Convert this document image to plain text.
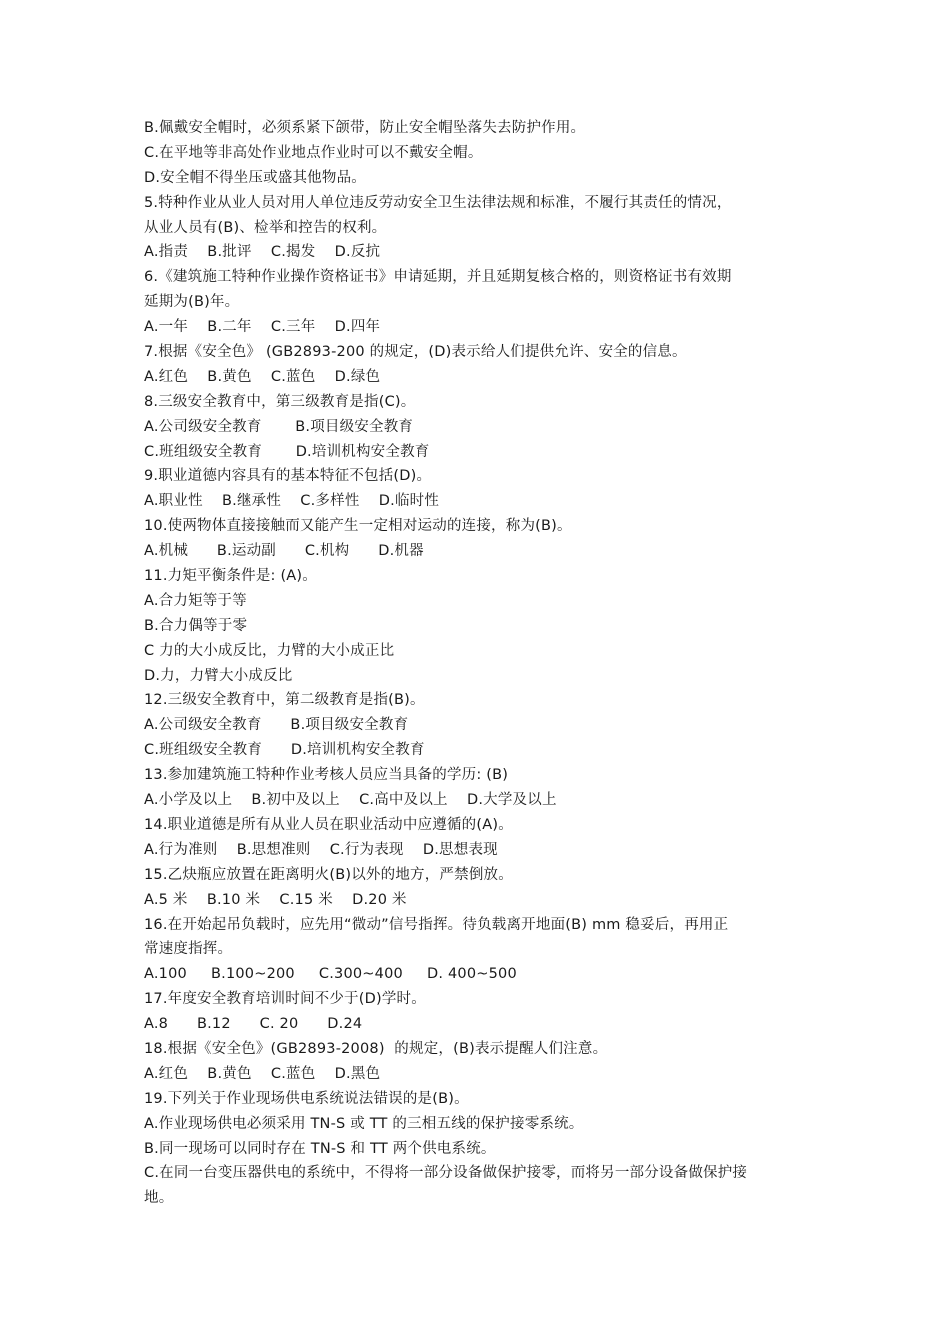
B.佩戴安全帽时，必须系紧下颌带，防止安全帽坠落失去防护作用。
C.在平地等非高处作业地点作业时可以不戴安全帽。
D.安全帽不得坐压或盛其他物品。
5.特种作业从业人员对用人单位违反劳动安全卫生法律法规和标准，不履行其责任的情况，
从业人员有(B)、检举和控告的权利。
A.指责    B.批评    C.揭发    D.反抗
6.《建筑施工特种作业操作资格证书》申请延期，并且延期复核合格的，则资格证书有效期
延期为(B)年。
A.一年    B.二年    C.三年    D.四年
7.根据《安全色》 (GB2893-200 的规定，(D)表示给人们提供允许、安全的信息。
A.红色    B.黄色    C.蓝色    D.绿色
8.三级安全教育中，第三级教育是指(C)。
A.公司级安全教育       B.项目级安全教育
C.班组级安全教育       D.培训机构安全教育
9.职业道德内容具有的基本特征不包括(D)。
A.职业性    B.继承性    C.多样性    D.临时性
10.使两物体直接接触而又能产生一定相对运动的连接，称为(B)。
A.机械      B.运动副      C.机构      D.机器
11.力矩平衡条件是: (A)。
A.合力矩等于等
B.合力偶等于零
C 力的大小成反比，力臂的大小成正比
D.力，力臂大小成反比
12.三级安全教育中，第二级教育是指(B)。
A.公司级安全教育      B.项目级安全教育
C.班组级安全教育      D.培训机构安全教育
13.参加建筑施工特种作业考核人员应当具备的学历: (B)
A.小学及以上    B.初中及以上    C.高中及以上    D.大学及以上
14.职业道德是所有从业人员在职业活动中应遵循的(A)。
A.行为准则    B.思想准则    C.行为表现    D.思想表现
15.乙炔瓶应放置在距离明火(B)以外的地方，严禁倒放。
A.5 米    B.10 米    C.15 米    D.20 米
16.在开始起吊负载时，应先用“微动”信号指挥。待负载离开地面(B) mm 稳妥后，再用正
常速度指挥。
A.100     B.100~200     C.300~400     D. 400~500
17.年度安全教育培训时间不少于(D)学时。
A.8      B.12      C. 20      D.24
18.根据《安全色》(GB2893-2008)  的规定，(B)表示提醒人们注意。
A.红色    B.黄色    C.蓝色    D.黑色
19.下列关于作业现场供电系统说法错误的是(B)。
A.作业现场供电必须采用 TN-S 或 TT 的三相五线的保护接零系统。
B.同一现场可以同时存在 TN-S 和 TT 两个供电系统。
C.在同一台变压器供电的系统中，不得将一部分设备做保护接零，而将另一部分设备做保护接
地。
